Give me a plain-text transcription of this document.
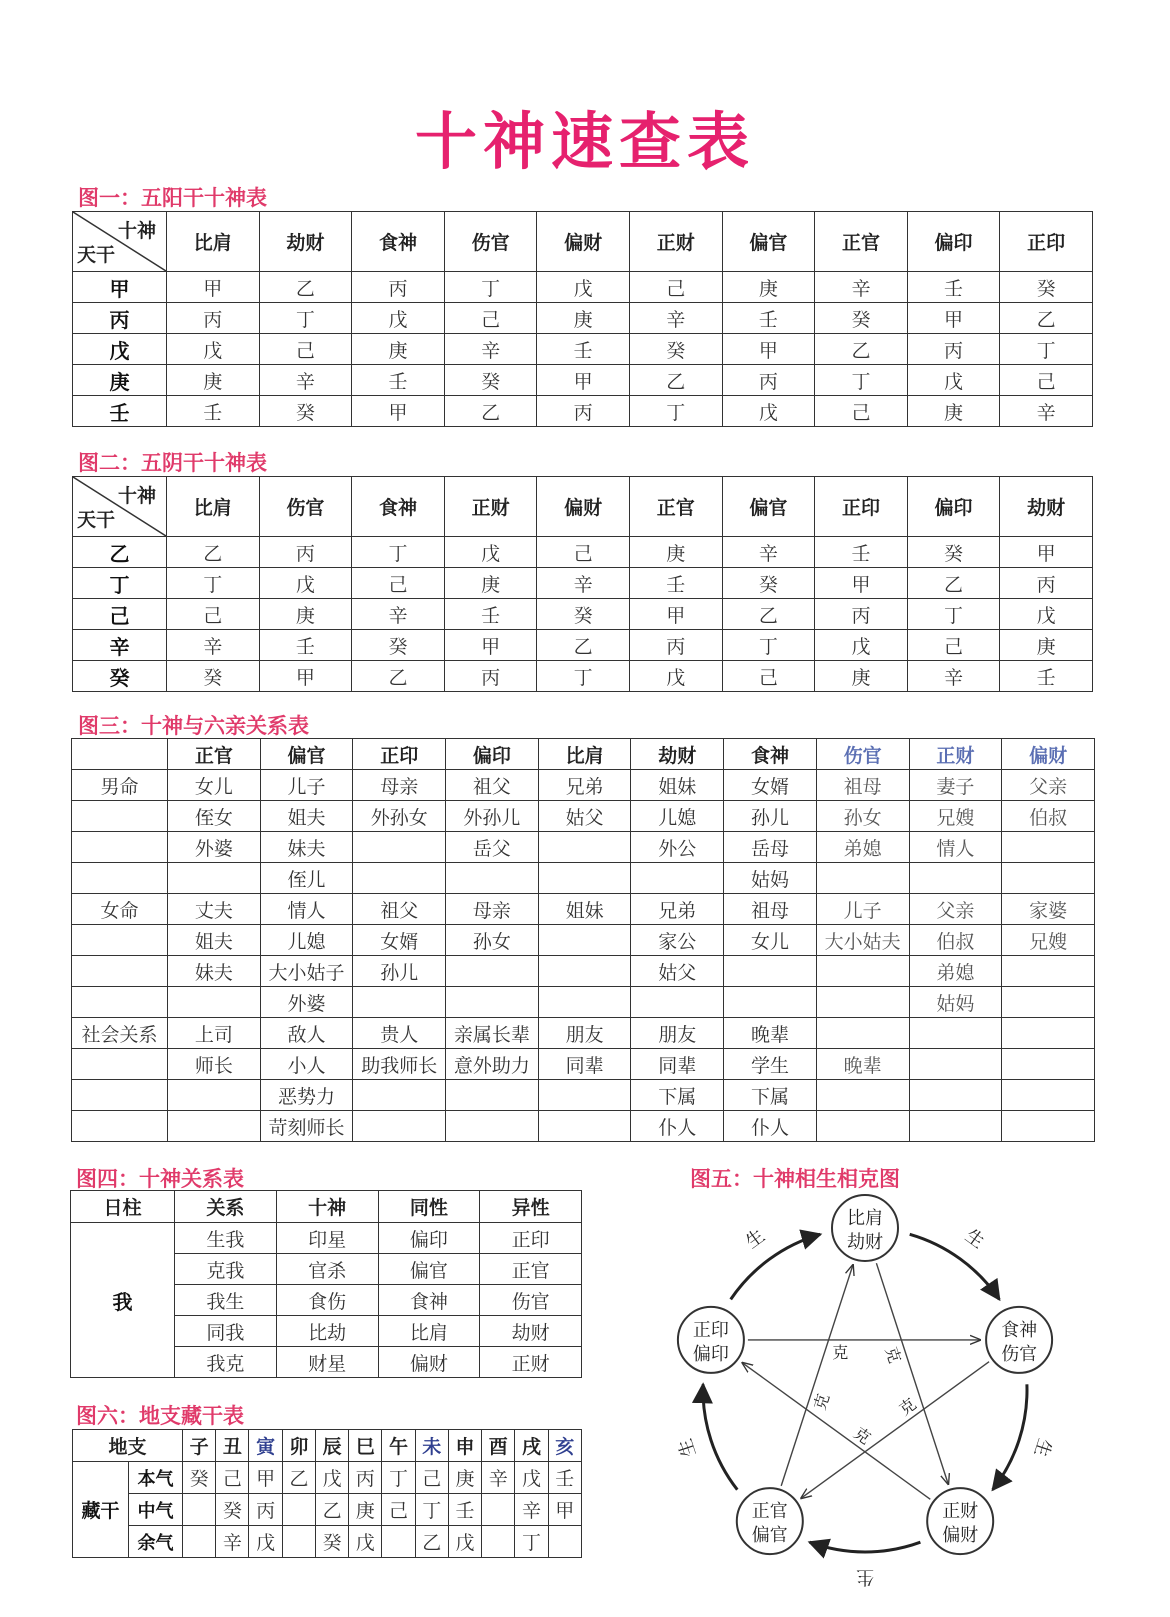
十神速查表
图一：五阳干十神表
十神
天干	比肩	劫财	食神	伤官	偏财	正财	偏官	正官	偏印	正印
甲	甲	乙	丙	丁	戊	己	庚	辛	壬	癸
丙	丙	丁	戊	己	庚	辛	壬	癸	甲	乙
戊	戊	己	庚	辛	壬	癸	甲	乙	丙	丁
庚	庚	辛	壬	癸	甲	乙	丙	丁	戊	己
壬	壬	癸	甲	乙	丙	丁	戊	己	庚	辛
图二：五阴干十神表
十神
天干	比肩	伤官	食神	正财	偏财	正官	偏官	正印	偏印	劫财
乙	乙	丙	丁	戊	己	庚	辛	壬	癸	甲
丁	丁	戊	己	庚	辛	壬	癸	甲	乙	丙
己	己	庚	辛	壬	癸	甲	乙	丙	丁	戊
辛	辛	壬	癸	甲	乙	丙	丁	戊	己	庚
癸	癸	甲	乙	丙	丁	戊	己	庚	辛	壬
图三：十神与六亲关系表
	正官	偏官	正印	偏印	比肩	劫财	食神	伤官	正财	偏财
男命	女儿	儿子	母亲	祖父	兄弟	姐妹	女婿	祖母	妻子	父亲
	侄女	姐夫	外孙女	外孙儿	姑父	儿媳	孙儿	孙女	兄嫂	伯叔
	外婆	妹夫		岳父		外公	岳母	弟媳	情人	
		侄儿					姑妈			
女命	丈夫	情人	祖父	母亲	姐妹	兄弟	祖母	儿子	父亲	家婆
	姐夫	儿媳	女婿	孙女		家公	女儿	大小姑夫	伯叔	兄嫂
	妹夫	大小姑子	孙儿			姑父			弟媳	
		外婆							姑妈	
社会关系	上司	敌人	贵人	亲属长辈	朋友	朋友	晚辈			
	师长	小人	助我师长	意外助力	同辈	同辈	学生	晚辈		
		恶势力				下属	下属			
		苛刻师长				仆人	仆人			
图四：十神关系表
日柱	关系	十神	同性	异性
我	生我	印星	偏印	正印
	克我	官杀	偏官	正官
	我生	食伤	食神	伤官
	同我	比劫	比肩	劫财
	我克	财星	偏财	正财
图六：地支藏干表
地支		子	丑	寅	卯	辰	巳	午	未	申	酉	戌	亥
藏干	本气	癸	己	甲	乙	戊	丙	丁	己	庚	辛	戊	壬
	中气		癸	丙		乙	庚	己	丁	壬		辛	甲
	余气		辛	戊		癸	戊		乙	戊		丁	
图五：十神相生相克图
生
生
生
生
生
克
克
克
克
克
比肩
劫财
食神
伤官
正财
偏财
正官
偏官
正印
偏印
